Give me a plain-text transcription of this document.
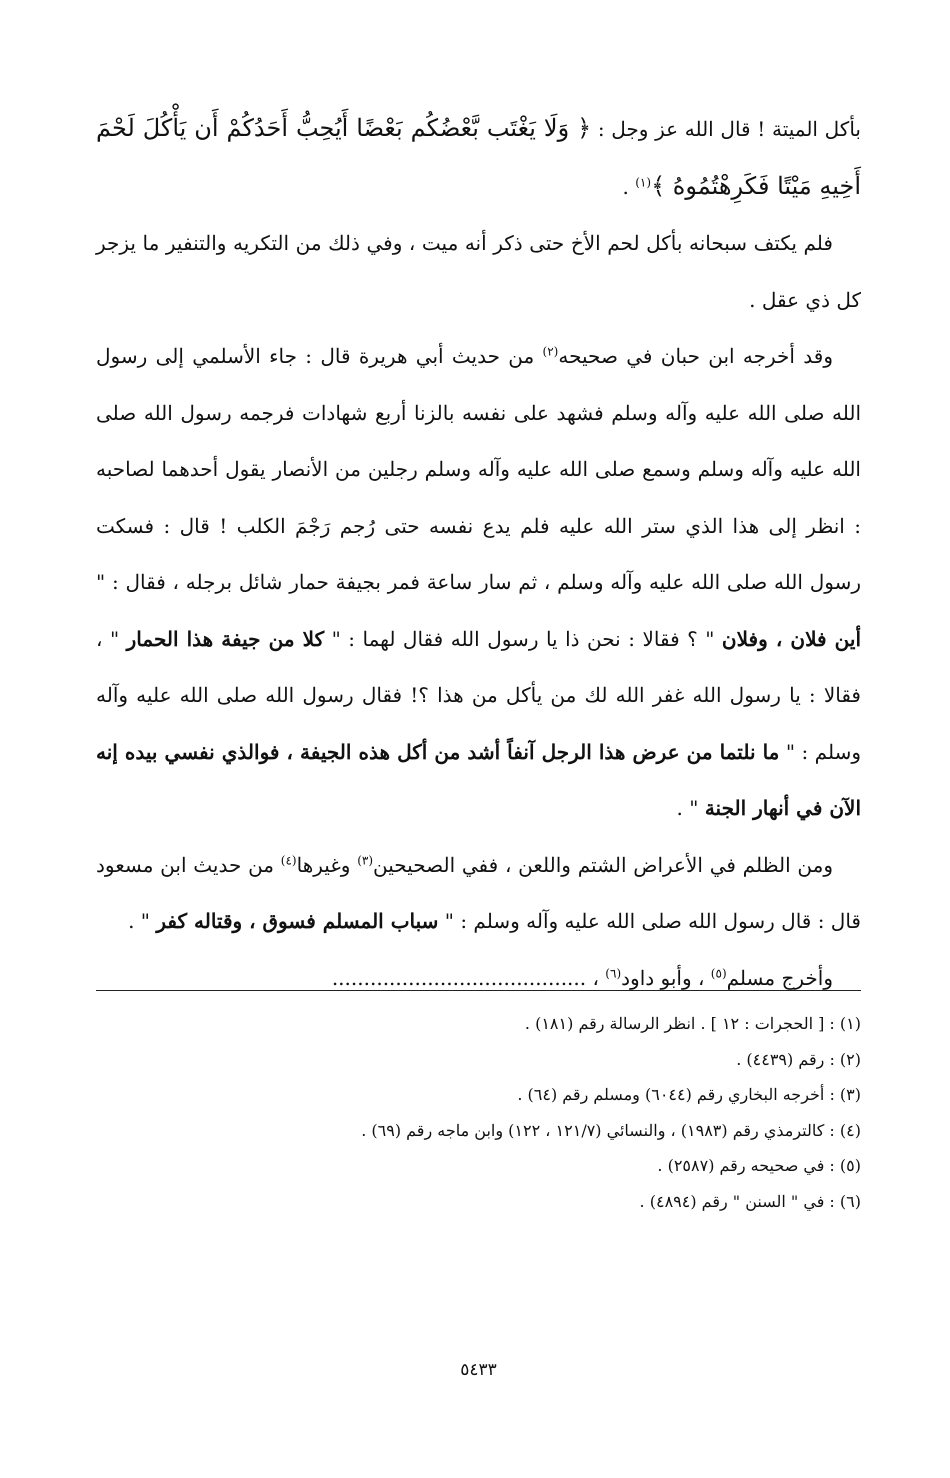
بأكل الميتة ! قال الله عز وجل : ﴿ وَلَا يَغْتَب بَّعْضُكُم بَعْضًا أَيُحِبُّ أَحَدُكُمْ أَن يَأْكُلَ لَحْمَ أَخِيهِ مَيْتًا فَكَرِهْتُمُوهُ ﴾$^{(١)}$ .

فلم يكتف سبحانه بأكل لحم الأخ حتى ذكر أنه ميت ، وفي ذلك من التكريه والتنفير ما يزجر كل ذي عقل .

وقد أخرجه ابن حبان في صحيحه$^{(٢)}$ من حديث أبي هريرة قال : جاء الأسلمي إلى رسول الله صلى الله عليه وآله وسلم فشهد على نفسه بالزنا أربع شهادات فرجمه رسول الله صلى الله عليه وآله وسلم وسمع صلى الله عليه وآله وسلم رجلين من الأنصار يقول أحدهما لصاحبه : انظر إلى هذا الذي ستر الله عليه فلم يدع نفسه حتى رُجم رَجْمَ الكلب ! قال : فسكت رسول الله صلى الله عليه وآله وسلم ، ثم سار ساعة فمر بجيفة حمار شائل برجله ، فقال : " أين فلان ، وفلان " ؟ فقالا : نحن ذا يا رسول الله فقال لهما : " كلا من جيفة هذا الحمار " ، فقالا : يا رسول الله غفر الله لك من يأكل من هذا ؟! فقال رسول الله صلى الله عليه وآله وسلم : " ما نلتما من عرض هذا الرجل آنفاً أشد من أكل هذه الجيفة ، فوالذي نفسي بيده إنه الآن في أنهار الجنة " .

ومن الظلم في الأعراض الشتم واللعن ، ففي الصحيحين$^{(٣)}$ وغيرها$^{(٤)}$ من حديث ابن مسعود قال : قال رسول الله صلى الله عليه وآله وسلم : " سباب المسلم فسوق ، وقتاله كفر " .

وأخرج مسلم$^{(٥)}$ ، وأبو داود$^{(٦)}$ ، ........................................

(١) : [ الحجرات : ١٢ ] . انظر الرسالة رقم (١٨١) .

(٢) : رقم (٤٤٣٩) .

(٣) : أخرجه البخاري رقم (٦٠٤٤) ومسلم رقم (٦٤) .

(٤) : كالترمذي رقم (١٩٨٣) ، والنسائي (١٢١/٧ ، ١٢٢) وابن ماجه رقم (٦٩) .

(٥) : في صحيحه رقم (٢٥٨٧) .

(٦) : في " السنن " رقم (٤٨٩٤) .

٥٤٣٣
